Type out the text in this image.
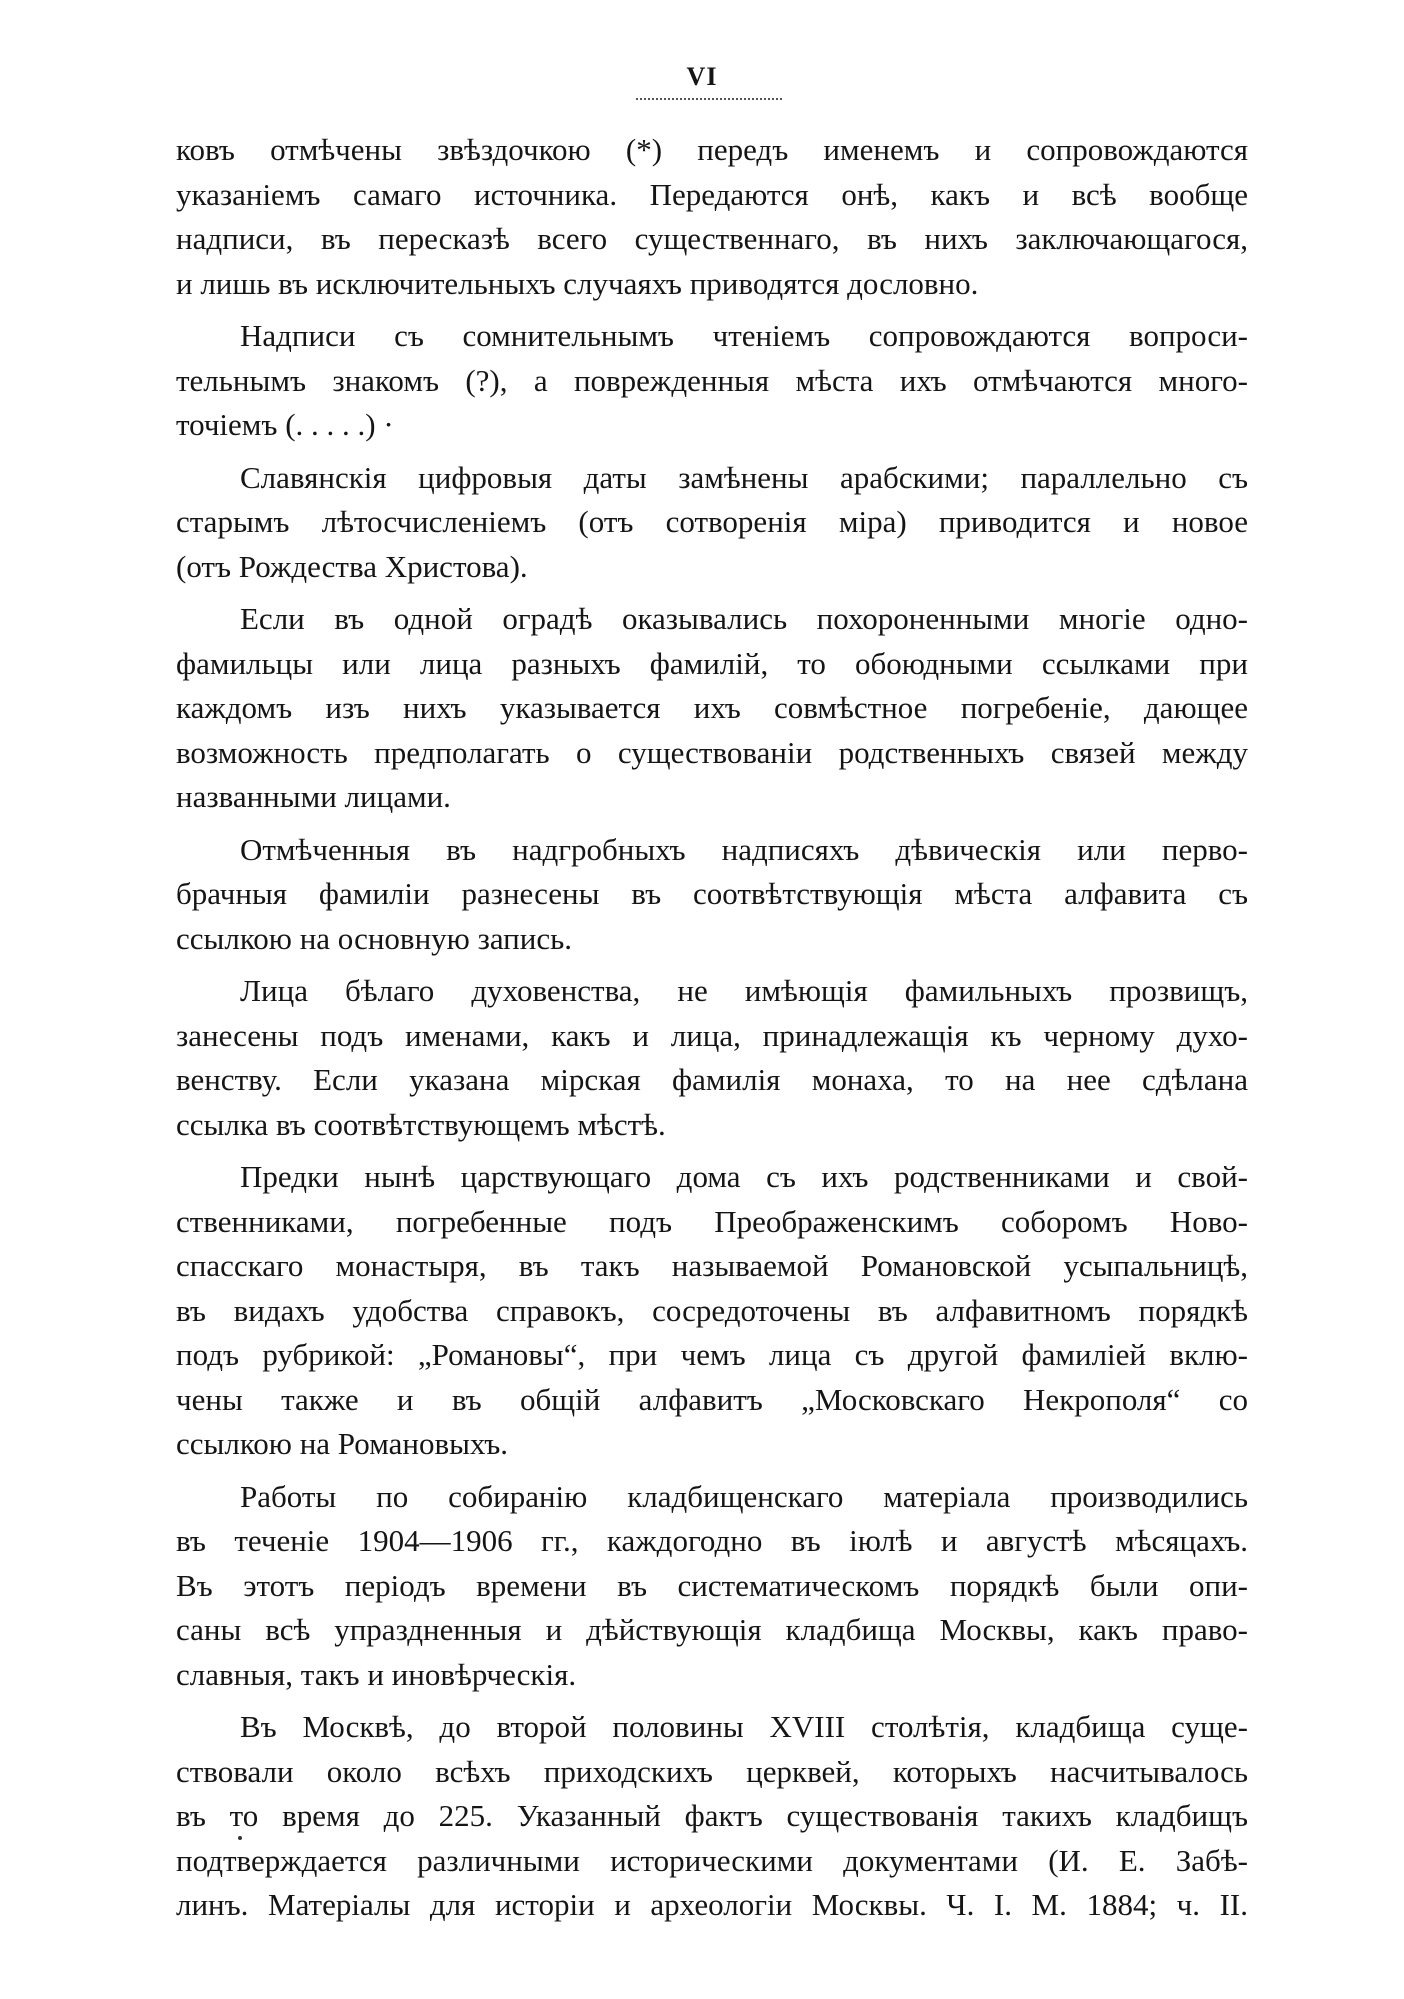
VI
ковъ отмѣчены звѣздочкою (*) передъ именемъ и сопровождаются
указаніемъ самаго источника. Передаются онѣ, какъ и всѣ вообще
надписи, въ пересказѣ всего существеннаго, въ нихъ заключающагося,
и лишь въ исключительныхъ случаяхъ приводятся дословно.
Надписи съ сомнительнымъ чтеніемъ сопровождаются вопроси-
тельнымъ знакомъ (?), а поврежденныя мѣста ихъ отмѣчаются много-
точіемъ (. . . . .) ·
Славянскія цифровыя даты замѣнены арабскими; параллельно съ
старымъ лѣтосчисленіемъ (отъ сотворенія міра) приводится и новое
(отъ Рождества Христова).
Если въ одной оградѣ оказывались похороненными многіе одно-
фамильцы или лица разныхъ фамилій, то обоюдными ссылками при
каждомъ изъ нихъ указывается ихъ совмѣстное погребеніе, дающее
возможность предполагать о существованіи родственныхъ связей между
названными лицами.
Отмѣченныя въ надгробныхъ надписяхъ дѣвическія или перво-
брачныя фамиліи разнесены въ соотвѣтствующія мѣста алфавита съ
ссылкою на основную запись.
Лица бѣлаго духовенства, не имѣющія фамильныхъ прозвищъ,
занесены подъ именами, какъ и лица, принадлежащія къ черному духо-
венству. Если указана мірская фамилія монаха, то на нее сдѣлана
ссылка въ соотвѣтствующемъ мѣстѣ.
Предки нынѣ царствующаго дома съ ихъ родственниками и свой-
ственниками, погребенные подъ Преображенскимъ соборомъ Ново-
спасскаго монастыря, въ такъ называемой Романовской усыпальницѣ,
въ видахъ удобства справокъ, сосредоточены въ алфавитномъ порядкѣ
подъ рубрикой: „Романовы“, при чемъ лица съ другой фамиліей вклю-
чены также и въ общій алфавитъ „Московскаго Некрополя“ со
ссылкою на Романовыхъ.
Работы по собиранію кладбищенскаго матеріала производились
въ теченіе 1904—1906 гг., каждогодно въ іюлѣ и августѣ мѣсяцахъ.
Въ этотъ періодъ времени въ систематическомъ порядкѣ были опи-
саны всѣ упраздненныя и дѣйствующія кладбища Москвы, какъ право-
славныя, такъ и иновѣрческія.
Въ Москвѣ, до второй половины XVIII столѣтія, кладбища суще-
ствовали около всѣхъ приходскихъ церквей, которыхъ насчитывалось
въ то время до 225. Указанный фактъ существованія такихъ кладбищъ
подтверждается различными историческими документами (И. Е. Забѣ-
линъ. Матеріалы для исторіи и археологіи Москвы. Ч. I. М. 1884; ч. II.
